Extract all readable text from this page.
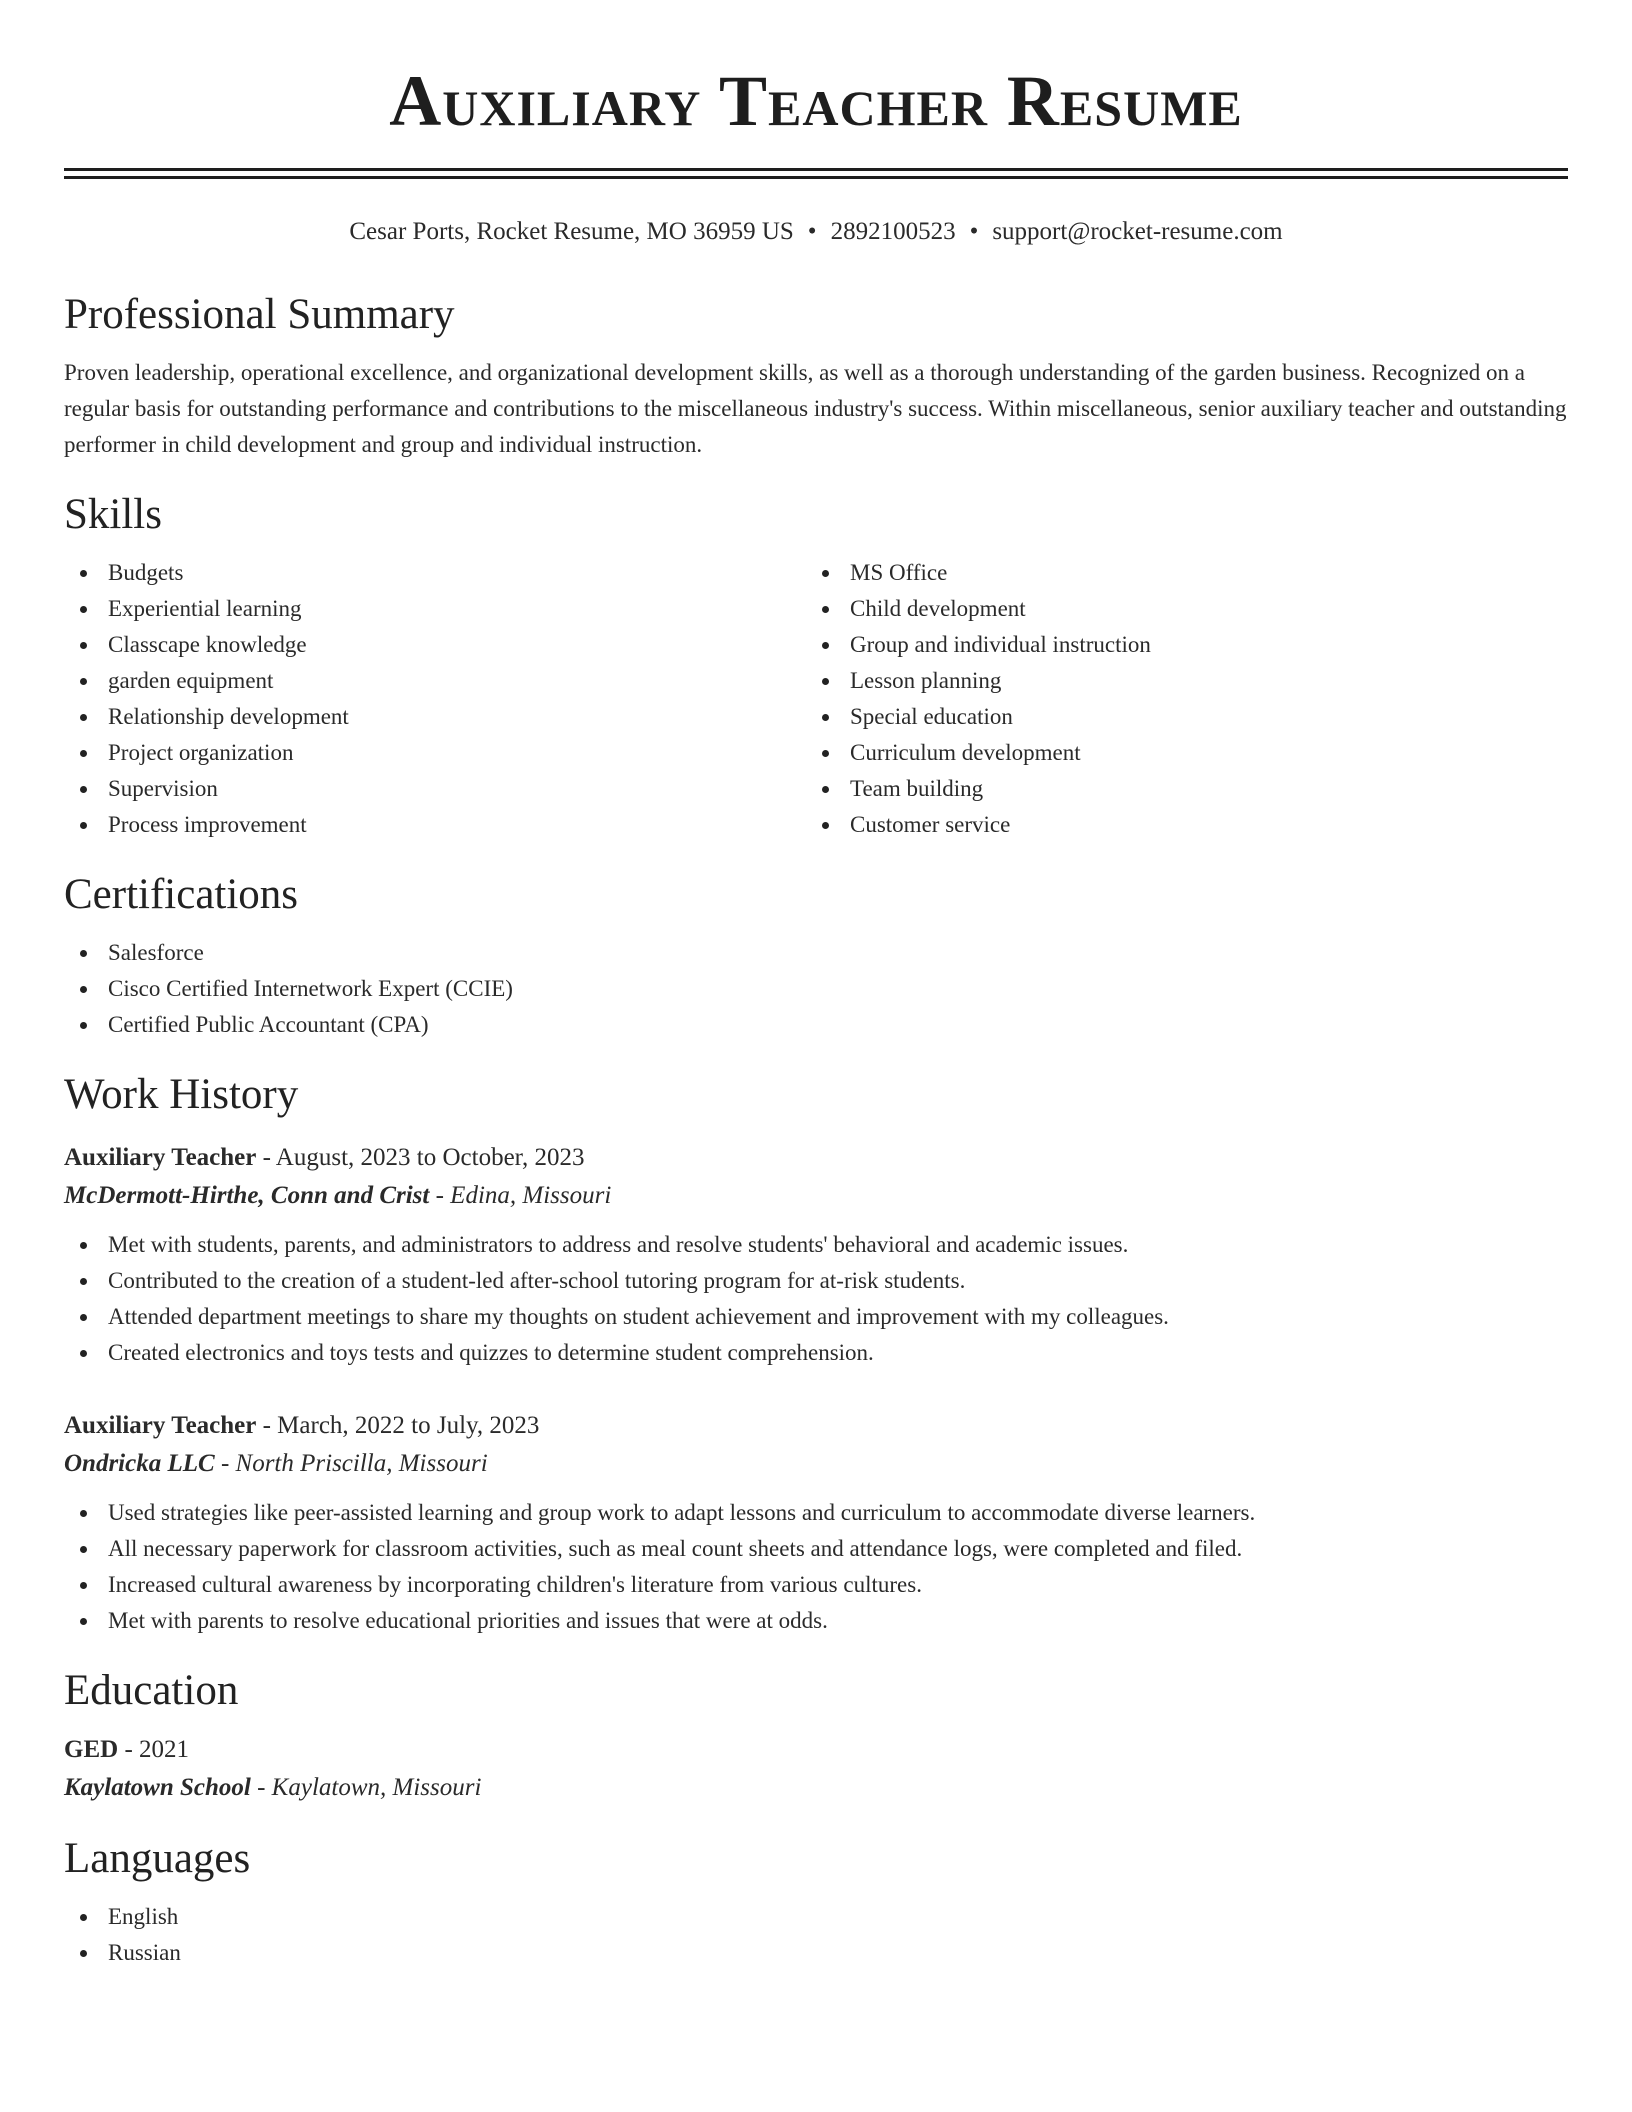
Auxiliary Teacher Resume
Cesar Ports, Rocket Resume, MO 36959 US • 2892100523 • support@rocket-resume.com
Professional Summary

Proven leadership, operational excellence, and organizational development skills, as well as a thorough understanding of the garden business. Recognized on a regular basis for outstanding performance and contributions to the miscellaneous industry's success. Within miscellaneous, senior auxiliary teacher and outstanding performer in child development and group and individual instruction.

Skills
Budgets
Experiential learning
Classcape knowledge
garden equipment
Relationship development
Project organization
Supervision
Process improvement
MS Office
Child development
Group and individual instruction
Lesson planning
Special education
Curriculum development
Team building
Customer service
Certifications
Salesforce
Cisco Certified Internetwork Expert (CCIE)
Certified Public Accountant (CPA)
Work History

Auxiliary Teacher - August, 2023 to October, 2023

McDermott-Hirthe, Conn and Crist - Edina, Missouri

Met with students, parents, and administrators to address and resolve students' behavioral and academic issues.
Contributed to the creation of a student-led after-school tutoring program for at-risk students.
Attended department meetings to share my thoughts on student achievement and improvement with my colleagues.
Created electronics and toys tests and quizzes to determine student comprehension.

Auxiliary Teacher - March, 2022 to July, 2023

Ondricka LLC - North Priscilla, Missouri

Used strategies like peer-assisted learning and group work to adapt lessons and curriculum to accommodate diverse learners.
All necessary paperwork for classroom activities, such as meal count sheets and attendance logs, were completed and filed.
Increased cultural awareness by incorporating children's literature from various cultures.
Met with parents to resolve educational priorities and issues that were at odds.
Education

GED - 2021

Kaylatown School - Kaylatown, Missouri

Languages
English
Russian
